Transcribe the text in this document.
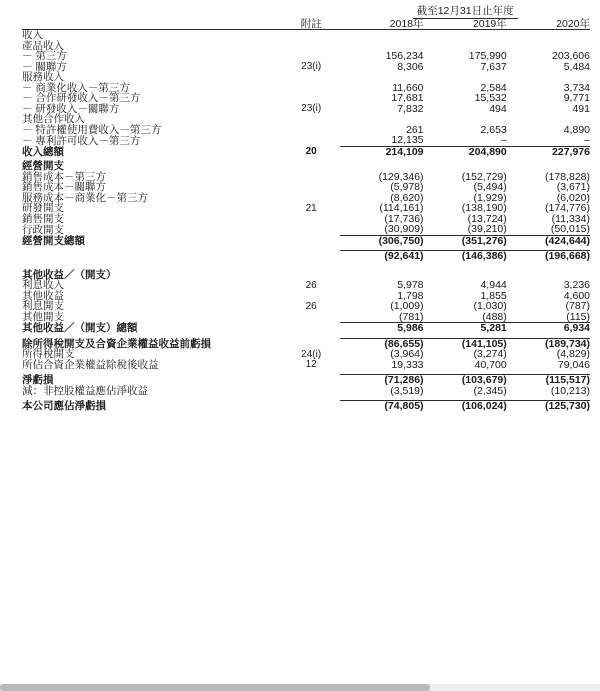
		截至12月31日止年度		
	附註	2018年	2019年	2020年

收入				
產品收入				
－ 第三方		156,234	175,990	203,606
－ 關聯方	23(i)	8,306	7,637	5,484
服務收入				
－ 商業化收入－第三方		11,660	2,584	3,734
－ 合作研發收入－第三方		17,681	15,532	9,771
－ 研發收入－關聯方	23(i)	7,832	494	491
其他合作收入				
－ 特許權使用費收入－第三方		261	2,653	4,890
－ 專利許可收入－第三方		12,135	–	–
收入總額	20	214,109	204,890	227,976

經營開支				
銷售成本－第三方		(129,346)	(152,729)	(178,828)
銷售成本－關聯方		(5,978)	(5,494)	(3,671)
服務成本－商業化－第三方		(8,620)	(1,929)	(6,020)
研發開支	21	(114,161)	(138,190)	(174,776)
銷售開支		(17,736)	(13,724)	(11,334)
行政開支		(30,909)	(39,210)	(50,015)
經營開支總額		(306,750)	(351,276)	(424,644)

		(92,641)	(146,386)	(196,668)

其他收益／（開支）				
利息收入	26	5,978	4,944	3,236
其他收益		1,798	1,855	4,600
利息開支	26	(1,009)	(1,030)	(787)
其他開支		(781)	(488)	(115)
其他收益／（開支）總額		5,986	5,281	6,934

除所得稅開支及合資企業權益收益前虧損		(86,655)	(141,105)	(189,734)
所得稅開支	24(i)	(3,964)	(3,274)	(4,829)
所佔合資企業權益除稅後收益	12	19,333	40,700	79,046

淨虧損		(71,286)	(103,679)	(115,517)
減：非控股權益應佔淨收益		(3,519)	(2,345)	(10,213)

本公司應佔淨虧損		(74,805)	(106,024)	(125,730)
